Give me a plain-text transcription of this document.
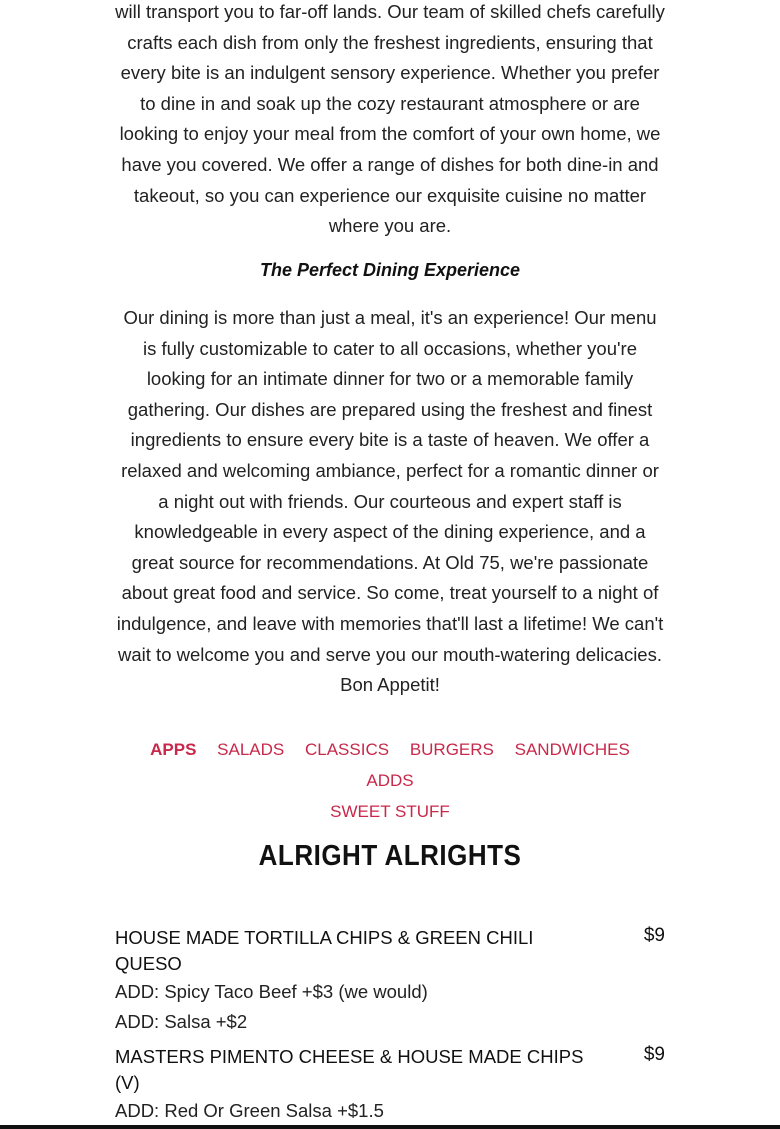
will transport you to far-off lands. Our team of skilled chefs carefully crafts each dish from only the freshest ingredients, ensuring that every bite is an indulgent sensory experience. Whether you prefer to dine in and soak up the cozy restaurant atmosphere or are looking to enjoy your meal from the comfort of your own home, we have you covered. We offer a range of dishes for both dine-in and takeout, so you can experience our exquisite cuisine no matter where you are.

The Perfect Dining Experience

Our dining is more than just a meal, it's an experience! Our menu is fully customizable to cater to all occasions, whether you're looking for an intimate dinner for two or a memorable family gathering. Our dishes are prepared using the freshest and finest ingredients to ensure every bite is a taste of heaven. We offer a relaxed and welcoming ambiance, perfect for a romantic dinner or a night out with friends. Our courteous and expert staff is knowledgeable in every aspect of the dining experience, and a great source for recommendations. At Old 75, we're passionate about great food and service. So come, treat yourself to a night of indulgence, and leave with memories that'll last a lifetime! We can't wait to welcome you and serve you our mouth-watering delicacies. Bon Appetit!

APPS SALADS CLASSICS BURGERS SANDWICHES ADDS
SWEET STUFF
ALRIGHT ALRIGHTS
HOUSE MADE TORTILLA CHIPS & GREEN CHILI QUESO
$9
ADD: Spicy Taco Beef +$3 (we would)
ADD: Salsa +$2
MASTERS PIMENTO CHEESE & HOUSE MADE CHIPS (V)
$9
ADD: Red Or Green Salsa +$1.5
